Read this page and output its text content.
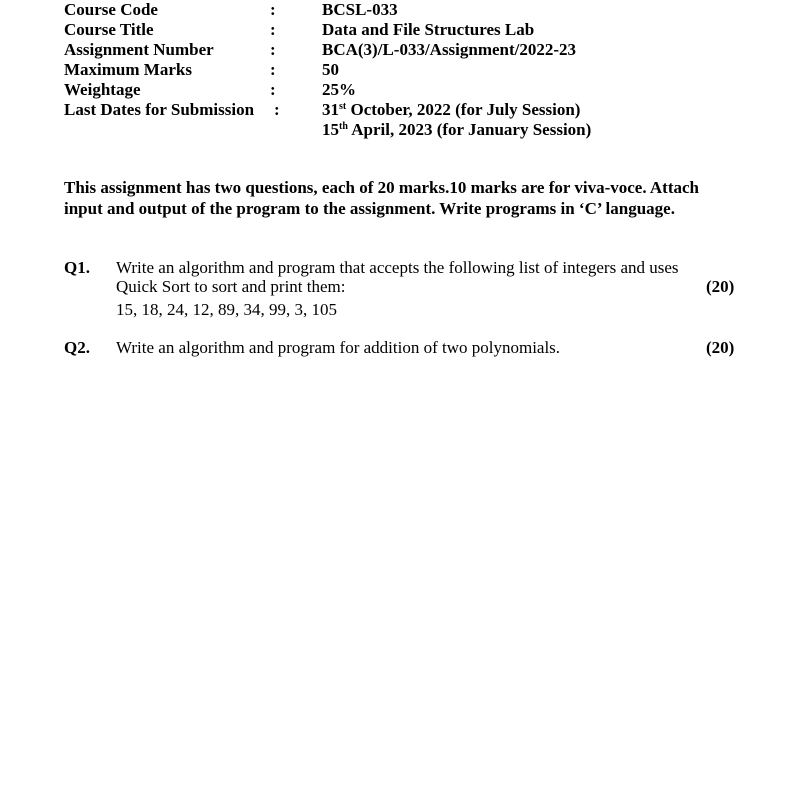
Course Code	:	BCSL-033
Course Title	:	Data and File Structures Lab
Assignment Number	:	BCA(3)/L-033/Assignment/2022-23
Maximum Marks	:	50
Weightage	:	25%
Last Dates for Submission : 31st October, 2022 (for July Session)
15th April, 2023 (for January Session)
This assignment has two questions, each of 20 marks.10 marks are for viva-voce. Attach
input and output of the program to the assignment. Write programs in ‘C’ language.
Q1. Write an algorithm and program that accepts the following list of integers and uses
Quick Sort to sort and print them:	(20)
15, 18, 24, 12, 89, 34, 99, 3, 105
Q2. Write an algorithm and program for addition of two polynomials.	(20)
